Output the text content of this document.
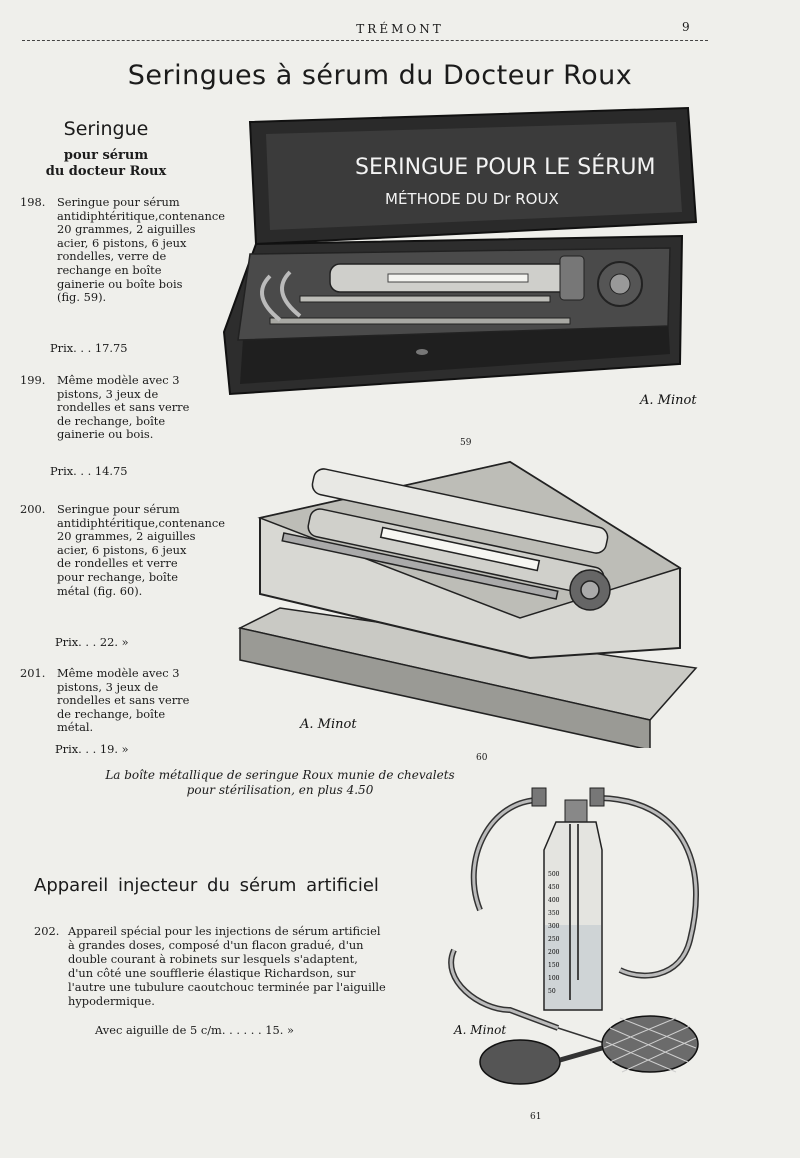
TRÉMONT	9
Seringues à sérum du Docteur Roux
Seringue
pour sérum
du docteur Roux
198. Seringue pour sérum antidiphtéritique,contenance 20 grammes, 2 aiguilles acier, 6 pistons, 6 jeux rondelles, verre de rechange en boîte gainerie ou boîte bois (fig. 59).
Prix. . . 17.75
199. Même modèle avec 3 pistons, 3 jeux de rondelles et sans verre de rechange, boîte gainerie ou bois.
Prix. . . 14.75
200. Seringue pour sérum antidiphtéritique,contenance 20 grammes, 2 aiguilles acier, 6 pistons, 6 jeux de rondelles et verre pour rechange, boîte métal (fig. 60).
Prix. . . 22. »
201. Même modèle avec 3 pistons, 3 jeux de rondelles et sans verre de rechange, boîte métal.
Prix. . . 19. »
SERINGUE POUR LE SÉRUM
MÉTHODE DU Dr ROUX
A. Minot
59
A. Minot
60
La boîte métallique de seringue Roux munie de chevalets
pour stérilisation, en plus 4.50
Appareil injecteur du sérum artificiel
202. Appareil spécial pour les injections de sérum artificiel
à grandes doses, composé d'un flacon gradué, d'un
double courant à robinets sur lesquels s'adaptent,
d'un côté une soufflerie élastique Richardson, sur
l'autre une tubulure caoutchouc terminée par l'aiguille
hypodermique.
Avec aiguille de 5 c/m. . . . . . 15. »
500
450
400
350
300
250
200
150
100
50
A. Minot
61
